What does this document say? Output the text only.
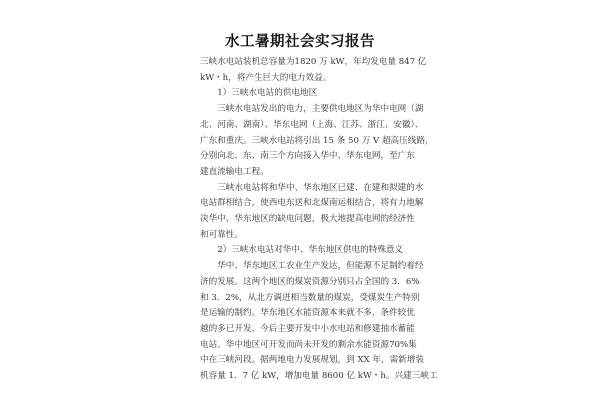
水工暑期社会实习报告

三峡水电站装机总容量为1820 万 kW，年均发电量 847 亿

kW・h，将产生巨大的电力效益。

　　1）三峡水电站的供电地区

　　三峡水电站发出的电力，主要供电地区为华中电网（湖

北、河南、湖南）、华东电网（上海、江苏、浙江、安徽）、

广东和重庆。三峡水电站将引出 15 条 50 万 V 超高压线路，

分别向北、东、南三个方向接入华中、华东电网，至广东

建直流输电工程。

　　三峡水电站将和华中、华东地区已建、在建和拟建的水

电站群相结合，使西电东送和北煤南运相结合，将有力地解

决华中、华东地区的缺电问题，极大地提高电网的经济性

和可靠性。

　　2）三峡水电站对华中、华东地区供电的特殊意义

　　华中、华东地区工农业生产发达，但能源不足制约着经

济的发展。这两个地区的煤炭资源分别只占全国的 3．6%

和 3．2%，从北方调进相当数量的煤炭，受煤炭生产特别

是运输的制约。华东地区水能资源本来就不多，条件较优

越的多已开发，今后主要开发中小水电站和修建抽水蓄能

电站。华中地区可开发而尚未开发的剩余水能资源70%集

中在三峡河段。据两地电力发展规划，到 XX 年，需新增装

机容量 1．7 亿 kW，增加电量 8600 亿 kW・h。兴建三峡工
